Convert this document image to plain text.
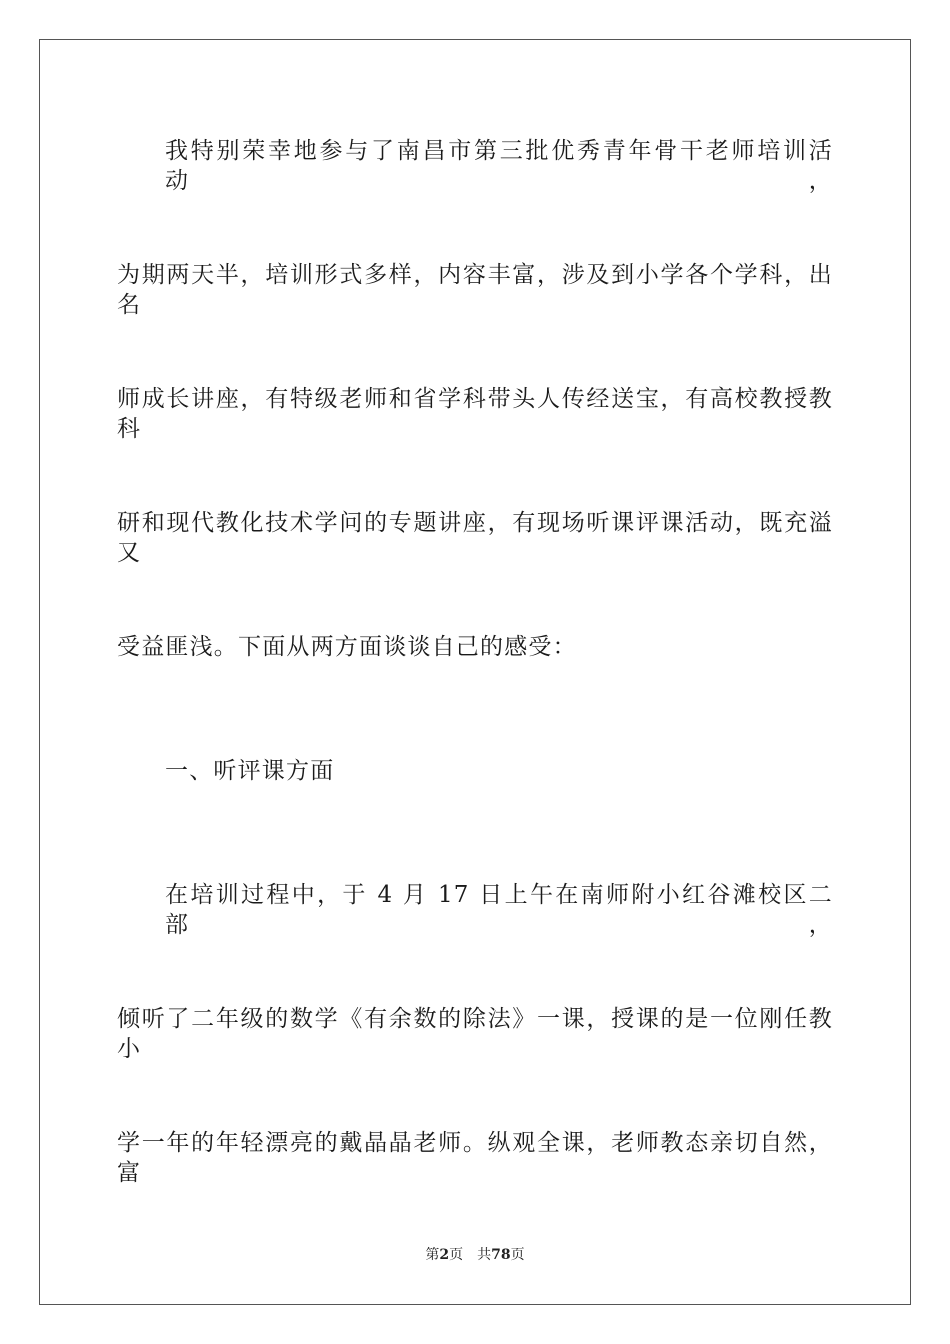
我特别荣幸地参与了南昌市第三批优秀青年骨干老师培训活动，
为期两天半，培训形式多样，内容丰富，涉及到小学各个学科，出名
师成长讲座，有特级老师和省学科带头人传经送宝，有高校教授教科
研和现代教化技术学问的专题讲座，有现场听课评课活动，既充溢又
受益匪浅。下面从两方面谈谈自己的感受：
一、听评课方面
在培训过程中，于 4 月 17 日上午在南师附小红谷滩校区二部，
倾听了二年级的数学《有余数的除法》一课，授课的是一位刚任教小
学一年的年轻漂亮的戴晶晶老师。纵观全课，老师教态亲切自然，富
第2页 共78页
